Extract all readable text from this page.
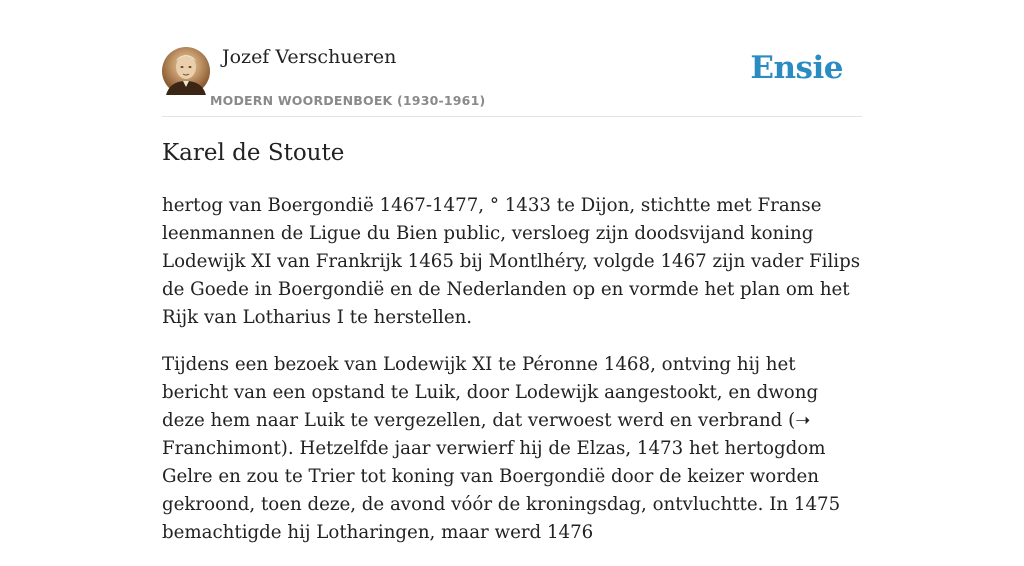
Jozef Verschueren
MODERN WOORDENBOEK (1930-1961)
Ensie
Karel de Stoute

hertog van Boergondië 1467-1477, ° 1433 te Dijon, stichtte met Franse leenmannen de Ligue du Bien public, versloeg zijn doodsvijand koning Lodewijk XI van Frankrijk 1465 bij Montlhéry, volgde 1467 zijn vader Filips de Goede in Boergondië en de Nederlanden op en vormde het plan om het Rijk van Lotharius I te herstellen.

Tijdens een bezoek van Lodewijk XI te Péronne 1468, ontving hij het bericht van een opstand te Luik, door Lodewijk aangestookt, en dwong deze hem naar Luik te vergezellen, dat verwoest werd en verbrand (➝ Franchimont). Hetzelfde jaar verwierf hij de Elzas, 1473 het hertogdom Gelre en zou te Trier tot koning van Boergondië door de keizer worden gekroond, toen deze, de avond vóór de kroningsdag, ontvluchtte. In 1475 bemachtigde hij Lotharingen, maar werd 1476
